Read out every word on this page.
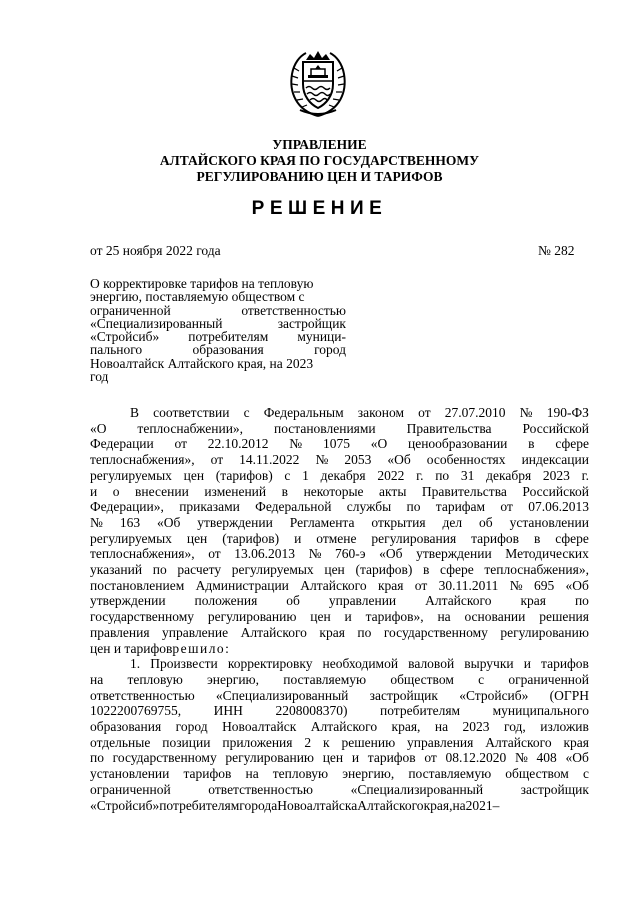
УПРАВЛЕНИЕ
АЛТАЙСКОГО КРАЯ ПО ГОСУДАРСТВЕННОМУ
РЕГУЛИРОВАНИЮ ЦЕН И ТАРИФОВ
РЕШЕНИЕ
от 25 ноября 2022 года	№ 282
О корректировке тарифов на тепловую
энергию, поставляемую обществом с
ограниченной	ответственностью
«Специализированный	застройщик
«Стройсиб» потребителям муници-
пального	образования	город
Новоалтайск Алтайского края, на 2023
год
В соответствии с Федеральным законом от 27.07.2010 № 190-ФЗ
«О теплоснабжении», постановлениями Правительства Российской
Федерации от 22.10.2012 № 1075 «О ценообразовании в сфере
теплоснабжения», от 14.11.2022 № 2053 «Об особенностях индексации
регулируемых цен (тарифов) с 1 декабря 2022 г. по 31 декабря 2023 г.
и о внесении изменений в некоторые акты Правительства Российской
Федерации», приказами Федеральной службы по тарифам от 07.06.2013
№ 163 «Об утверждении Регламента открытия дел об установлении
регулируемых цен (тарифов) и отмене регулирования тарифов в сфере
теплоснабжения», от 13.06.2013 № 760-э «Об утверждении Методических
указаний по расчету регулируемых цен (тарифов) в сфере теплоснабжения»,
постановлением Администрации Алтайского края от 30.11.2011 № 695 «Об
утверждении положения об управлении Алтайского края по
государственному регулированию цен и тарифов», на основании решения
правления управление Алтайского края по государственному регулированию
цен и тарифов решило:
1. Произвести корректировку необходимой валовой выручки и тарифов
на тепловую энергию, поставляемую обществом с ограниченной
ответственностью «Специализированный застройщик «Стройсиб» (ОГРН
1022200769755, ИНН 2208008370) потребителям муниципального
образования город Новоалтайск Алтайского края, на 2023 год, изложив
отдельные позиции приложения 2 к решению управления Алтайского края
по государственному регулированию цен и тарифов от 08.12.2020 № 408 «Об
установлении тарифов на тепловую энергию, поставляемую обществом с
ограниченной	ответственностью	«Специализированный	застройщик
«Стройсиб» потребителям города Новоалтайска Алтайского края, на 2021–
